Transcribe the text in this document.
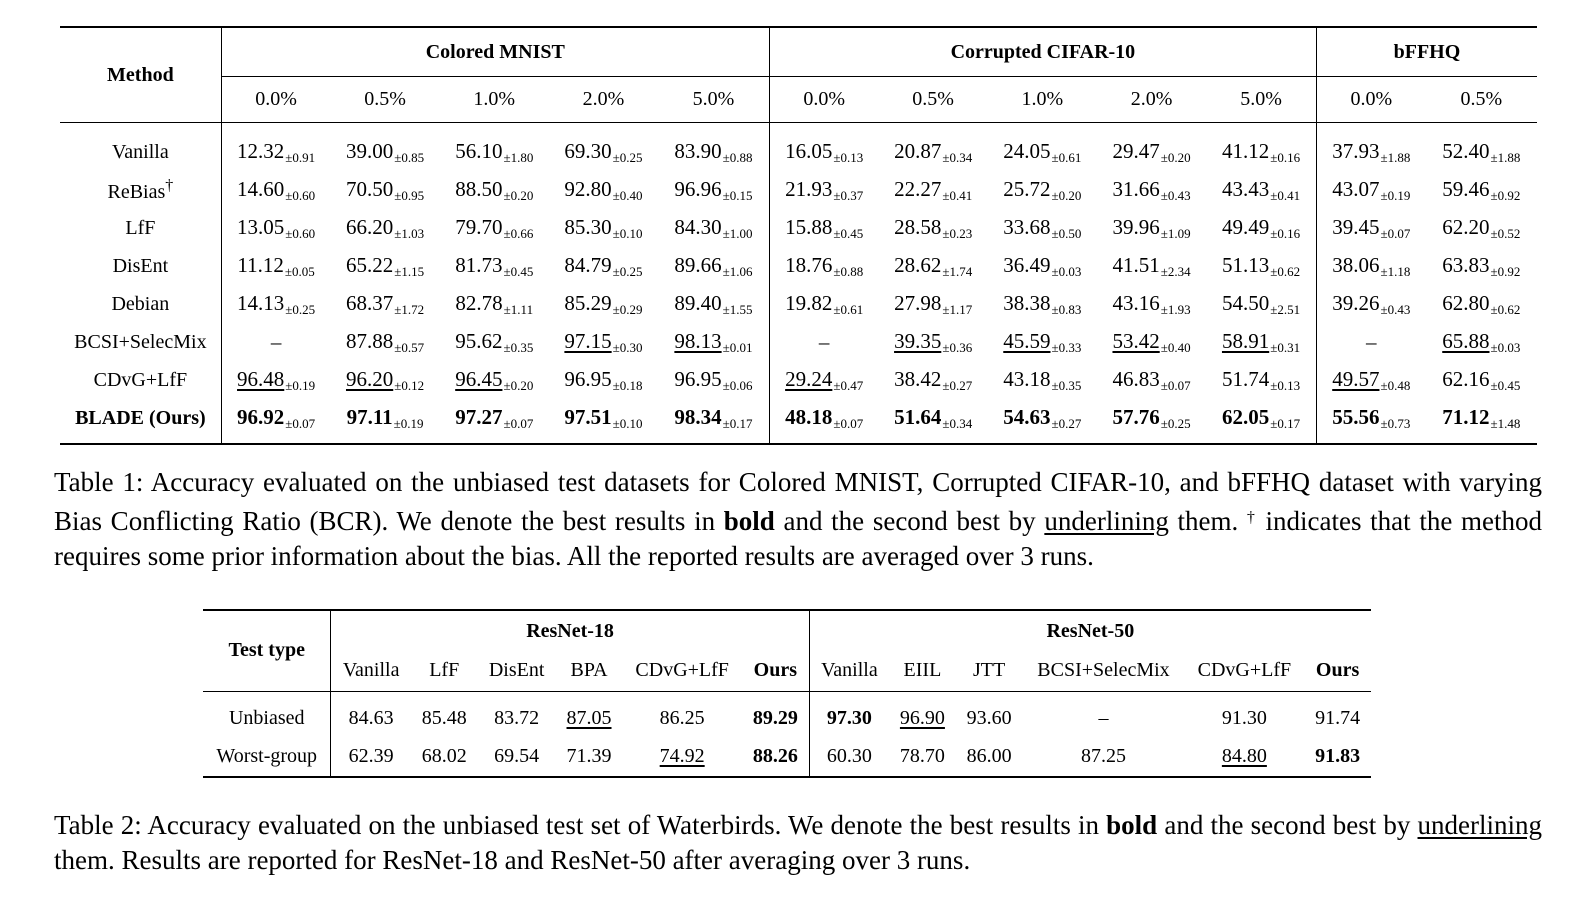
Method	Colored MNIST					Corrupted CIFAR-10					bFFHQ	
	0.0%	0.5%	1.0%	2.0%	5.0%	0.0%	0.5%	1.0%	2.0%	5.0%	0.0%	0.5%
Vanilla	$12.32_{\pm 0.91}$	$39.00_{\pm 0.85}$	$56.10_{\pm 1.80}$	$69.30_{\pm 0.25}$	$83.90_{\pm 0.88}$	$16.05_{\pm 0.13}$	$20.87_{\pm 0.34}$	$24.05_{\pm 0.61}$	$29.47_{\pm 0.20}$	$41.12_{\pm 0.16}$	$37.93_{\pm 1.88}$	$52.40_{\pm 1.88}$
ReBias†	$14.60_{\pm 0.60}$	$70.50_{\pm 0.95}$	$88.50_{\pm 0.20}$	$92.80_{\pm 0.40}$	$96.96_{\pm 0.15}$	$21.93_{\pm 0.37}$	$22.27_{\pm 0.41}$	$25.72_{\pm 0.20}$	$31.66_{\pm 0.43}$	$43.43_{\pm 0.41}$	$43.07_{\pm 0.19}$	$59.46_{\pm 0.92}$
LfF	$13.05_{\pm 0.60}$	$66.20_{\pm 1.03}$	$79.70_{\pm 0.66}$	$85.30_{\pm 0.10}$	$84.30_{\pm 1.00}$	$15.88_{\pm 0.45}$	$28.58_{\pm 0.23}$	$33.68_{\pm 0.50}$	$39.96_{\pm 1.09}$	$49.49_{\pm 0.16}$	$39.45_{\pm 0.07}$	$62.20_{\pm 0.52}$
DisEnt	$11.12_{\pm 0.05}$	$65.22_{\pm 1.15}$	$81.73_{\pm 0.45}$	$84.79_{\pm 0.25}$	$89.66_{\pm 1.06}$	$18.76_{\pm 0.88}$	$28.62_{\pm 1.74}$	$36.49_{\pm 0.03}$	$41.51_{\pm 2.34}$	$51.13_{\pm 0.62}$	$38.06_{\pm 1.18}$	$63.83_{\pm 0.92}$
Debian	$14.13_{\pm 0.25}$	$68.37_{\pm 1.72}$	$82.78_{\pm 1.11}$	$85.29_{\pm 0.29}$	$89.40_{\pm 1.55}$	$19.82_{\pm 0.61}$	$27.98_{\pm 1.17}$	$38.38_{\pm 0.83}$	$43.16_{\pm 1.93}$	$54.50_{\pm 2.51}$	$39.26_{\pm 0.43}$	$62.80_{\pm 0.62}$
BCSI+SelecMix	–	$87.88_{\pm 0.57}$	$95.62_{\pm 0.35}$	$97.15_{\pm 0.30}$	$98.13_{\pm 0.01}$	–	$39.35_{\pm 0.36}$	$45.59_{\pm 0.33}$	$53.42_{\pm 0.40}$	$58.91_{\pm 0.31}$	–	$65.88_{\pm 0.03}$
CDvG+LfF	$96.48_{\pm 0.19}$	$96.20_{\pm 0.12}$	$96.45_{\pm 0.20}$	$96.95_{\pm 0.18}$	$96.95_{\pm 0.06}$	$29.24_{\pm 0.47}$	$38.42_{\pm 0.27}$	$43.18_{\pm 0.35}$	$46.83_{\pm 0.07}$	$51.74_{\pm 0.13}$	$49.57_{\pm 0.48}$	$62.16_{\pm 0.45}$
BLADE (Ours)	$96.92_{\pm 0.07}$	$97.11_{\pm 0.19}$	$97.27_{\pm 0.07}$	$97.51_{\pm 0.10}$	$98.34_{\pm 0.17}$	$48.18_{\pm 0.07}$	$51.64_{\pm 0.34}$	$54.63_{\pm 0.27}$	$57.76_{\pm 0.25}$	$62.05_{\pm 0.17}$	$55.56_{\pm 0.73}$	$71.12_{\pm 1.48}$
Table 1: Accuracy evaluated on the unbiased test datasets for Colored MNIST, Corrupted CIFAR-10, and bFFHQ dataset with varying Bias Conflicting Ratio (BCR). We denote the best results in bold and the second best by underlining them. † indicates that the method requires some prior information about the bias. All the reported results are averaged over 3 runs.
Test type	ResNet-18						ResNet-50					
	Vanilla	LfF	DisEnt	BPA	CDvG+LfF	Ours	Vanilla	EIIL	JTT	BCSI+SelecMix	CDvG+LfF	Ours
Unbiased	84.63	85.48	83.72	87.05	86.25	89.29	97.30	96.90	93.60	–	91.30	91.74
Worst-group	62.39	68.02	69.54	71.39	74.92	88.26	60.30	78.70	86.00	87.25	84.80	91.83
Table 2: Accuracy evaluated on the unbiased test set of Waterbirds. We denote the best results in bold and the second best by underlining them. Results are reported for ResNet-18 and ResNet-50 after averaging over 3 runs.
